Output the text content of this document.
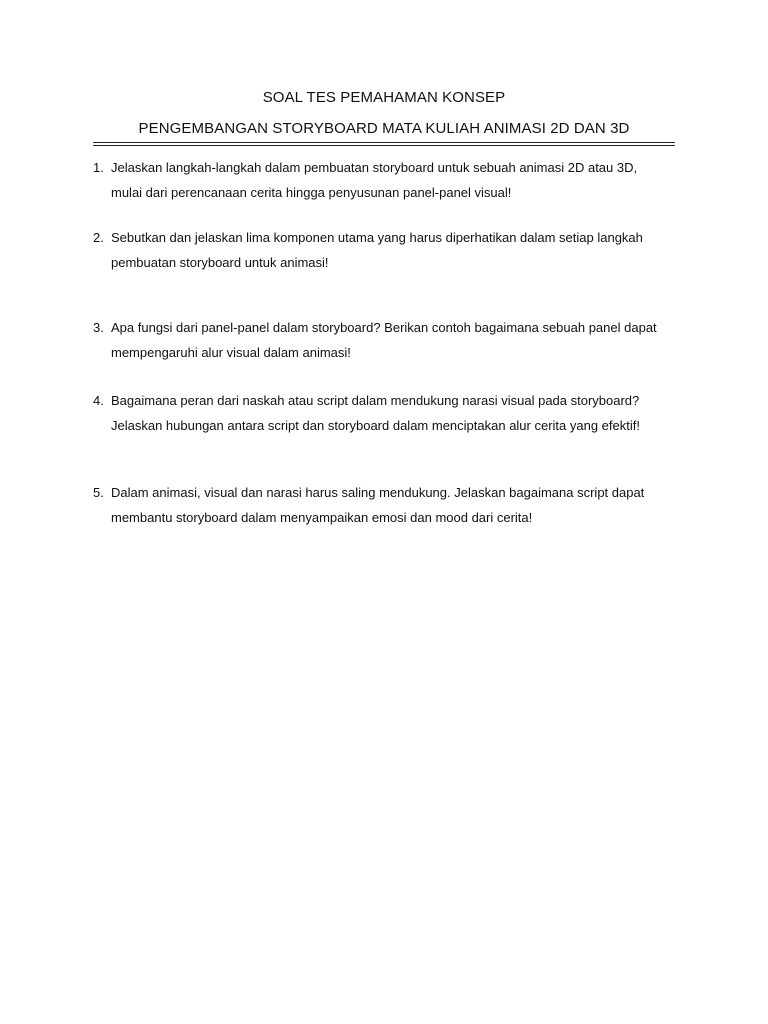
SOAL TES PEMAHAMAN KONSEP
PENGEMBANGAN STORYBOARD MATA KULIAH ANIMASI 2D DAN 3D
1. Jelaskan langkah-langkah dalam pembuatan storyboard untuk sebuah animasi 2D atau 3D, mulai dari perencanaan cerita hingga penyusunan panel-panel visual!
2. Sebutkan dan jelaskan lima komponen utama yang harus diperhatikan dalam setiap langkah pembuatan storyboard untuk animasi!
3. Apa fungsi dari panel-panel dalam storyboard? Berikan contoh bagaimana sebuah panel dapat mempengaruhi alur visual dalam animasi!
4. Bagaimana peran dari naskah atau script dalam mendukung narasi visual pada storyboard? Jelaskan hubungan antara script dan storyboard dalam menciptakan alur cerita yang efektif!
5. Dalam animasi, visual dan narasi harus saling mendukung. Jelaskan bagaimana script dapat membantu storyboard dalam menyampaikan emosi dan mood dari cerita!
